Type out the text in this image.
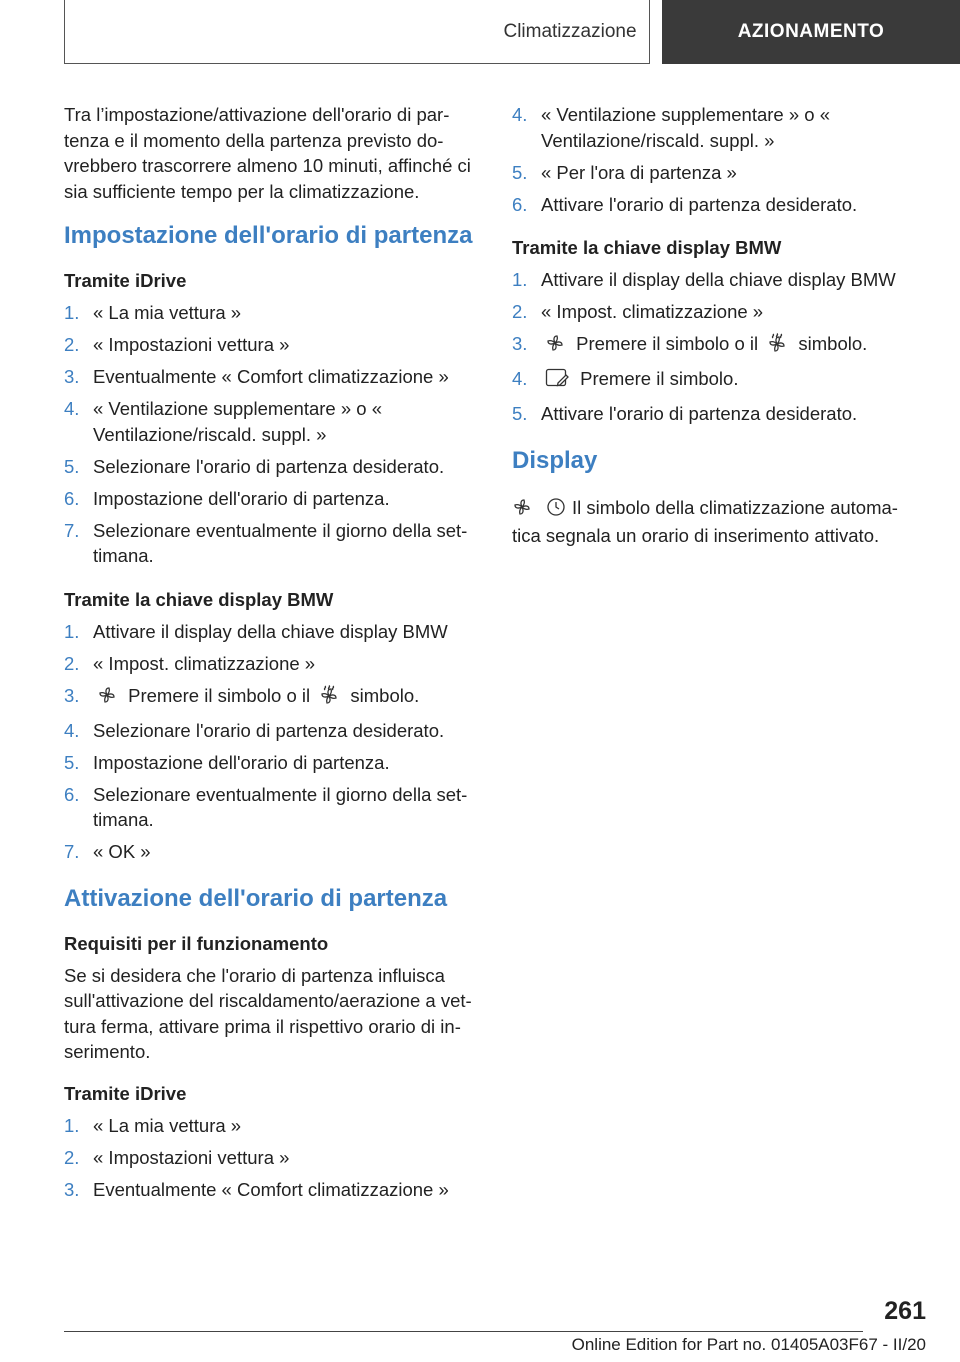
Climatizzazione	AZIONAMENTO

Tra l’impostazione/attivazione dell'orario di par-tenza e il momento della partenza previsto do-vrebbero trascorrere almeno 10 minuti, affinché ci sia sufficiente tempo per la climatizzazione.

Impostazione dell'orario di partenza
Tramite iDrive
1. « La mia vettura »
2. « Impostazioni vettura »
3. Eventualmente « Comfort climatizzazione »
4. « Ventilazione supplementare » o « Ventilazione/riscald. suppl. »
5. Selezionare l'orario di partenza desiderato.
6. Impostazione dell'orario di partenza.
7. Selezionare eventualmente il giorno della set-timana.
Tramite la chiave display BMW
1. Attivare il display della chiave display BMW
2. « Impost. climatizzazione »
3.	Premere il simbolo o il simbolo.
4. Selezionare l'orario di partenza desiderato.
5. Impostazione dell'orario di partenza.
6. Selezionare eventualmente il giorno della set-timana.
7. « OK »
Attivazione dell'orario di partenza
Requisiti per il funzionamento

Se si desidera che l'orario di partenza influisca sull'attivazione del riscaldamento/aerazione a vet-tura ferma, attivare prima il rispettivo orario di in-serimento.

Tramite iDrive
1. « La mia vettura »
2. « Impostazioni vettura »
3. Eventualmente « Comfort climatizzazione »
4. « Ventilazione supplementare » o « Ventilazione/riscald. suppl. »
5. « Per l'ora di partenza »
6. Attivare l'orario di partenza desiderato.
Tramite la chiave display BMW
1. Attivare il display della chiave display BMW
2. « Impost. climatizzazione »
3.	Premere il simbolo o il simbolo.
4.	Premere il simbolo.
5. Attivare l'orario di partenza desiderato.
Display

Il simbolo della climatizzazione automa-tica segnala un orario di inserimento attivato.

261
Online Edition for Part no. 01405A03F67 - II/20
